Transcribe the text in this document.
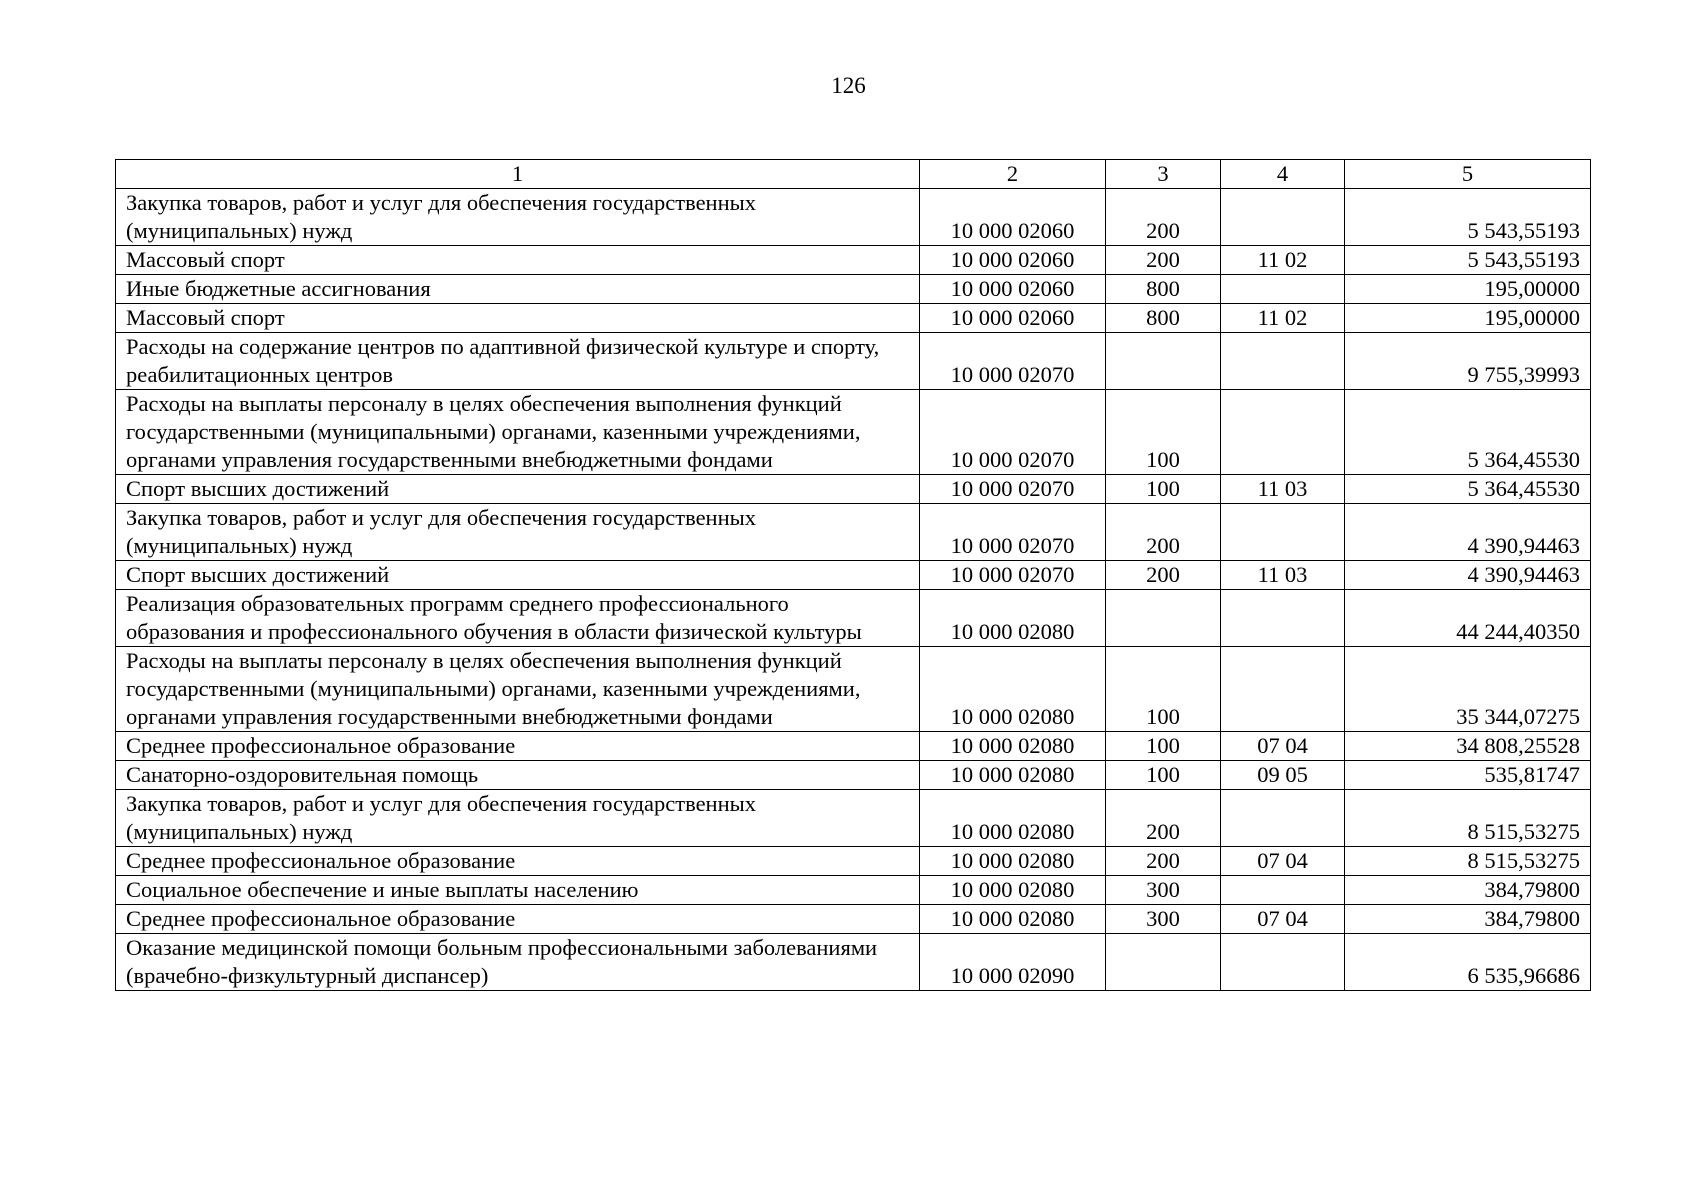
126
1	2	3	4	5
Закупка товаров, работ и услуг для обеспечения государственных (муниципальных) нужд	10 000 02060	200		5 543,55193
Массовый спорт	10 000 02060	200	11 02	5 543,55193
Иные бюджетные ассигнования	10 000 02060	800		195,00000
Массовый спорт	10 000 02060	800	11 02	195,00000
Расходы на содержание центров по адаптивной физической культуре и спорту, реабилитационных центров	10 000 02070			9 755,39993
Расходы на выплаты персоналу в целях обеспечения выполнения функций государственными (муниципальными) органами, казенными учреждениями, органами управления государственными внебюджетными фондами	10 000 02070	100		5 364,45530
Спорт высших достижений	10 000 02070	100	11 03	5 364,45530
Закупка товаров, работ и услуг для обеспечения государственных (муниципальных) нужд	10 000 02070	200		4 390,94463
Спорт высших достижений	10 000 02070	200	11 03	4 390,94463
Реализация образовательных программ среднего профессионального образования и профессионального обучения в области физической культуры	10 000 02080			44 244,40350
Расходы на выплаты персоналу в целях обеспечения выполнения функций государственными (муниципальными) органами, казенными учреждениями, органами управления государственными внебюджетными фондами	10 000 02080	100		35 344,07275
Среднее профессиональное образование	10 000 02080	100	07 04	34 808,25528
Санаторно-оздоровительная помощь	10 000 02080	100	09 05	535,81747
Закупка товаров, работ и услуг для обеспечения государственных (муниципальных) нужд	10 000 02080	200		8 515,53275
Среднее профессиональное образование	10 000 02080	200	07 04	8 515,53275
Социальное обеспечение и иные выплаты населению	10 000 02080	300		384,79800
Среднее профессиональное образование	10 000 02080	300	07 04	384,79800
Оказание медицинской помощи больным профессиональными заболеваниями (врачебно-физкультурный диспансер)	10 000 02090			6 535,96686
